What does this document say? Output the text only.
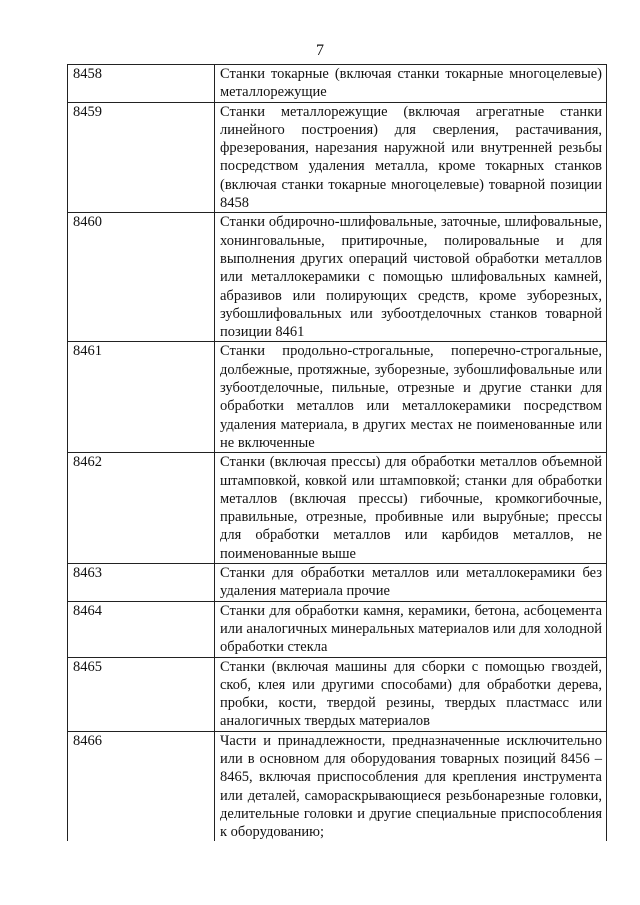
7
8458	Станки токарные (включая станки токарные многоцелевые) металлорежущие
8459	Станки металлорежущие (включая агрегатные станки линейного построения) для сверления, растачивания, фрезерования, нарезания наружной или внутренней резьбы посредством удаления металла, кроме токарных станков (включая станки токарные многоцелевые) товарной позиции 8458
8460	Станки обдирочно-шлифовальные, заточные, шлифовальные, хонинговальные, притирочные, полировальные и для выполнения других операций чистовой обработки металлов или металлокерамики с помощью шлифовальных камней, абразивов или полирующих средств, кроме зуборезных, зубошлифовальных или зубоотделочных станков товарной позиции 8461
8461	Станки продольно-строгальные, поперечно-строгальные, долбежные, протяжные, зуборезные, зубошлифовальные или зубоотделочные, пильные, отрезные и другие станки для обработки металлов или металлокерамики посредством удаления материала, в других местах не поименованные или не включенные
8462	Станки (включая прессы) для обработки металлов объемной штамповкой, ковкой или штамповкой; станки для обработки металлов (включая прессы) гибочные, кромкогибочные, правильные, отрезные, пробивные или вырубные; прессы для обработки металлов или карбидов металлов, не поименованные выше
8463	Станки для обработки металлов или металлокерамики без удаления материала прочие
8464	Станки для обработки камня, керамики, бетона, асбоцемента или аналогичных минеральных материалов или для холодной обработки стекла
8465	Станки (включая машины для сборки с помощью гвоздей, скоб, клея или другими способами) для обработки дерева, пробки, кости, твердой резины, твердых пластмасс или аналогичных твердых материалов
8466	Части и принадлежности, предназначенные исключительно или в основном для оборудования товарных позиций 8456 – 8465, включая приспособления для крепления инструмента или деталей, самораскрывающиеся резьбонарезные головки, делительные головки и другие специальные приспособления к оборудованию;
